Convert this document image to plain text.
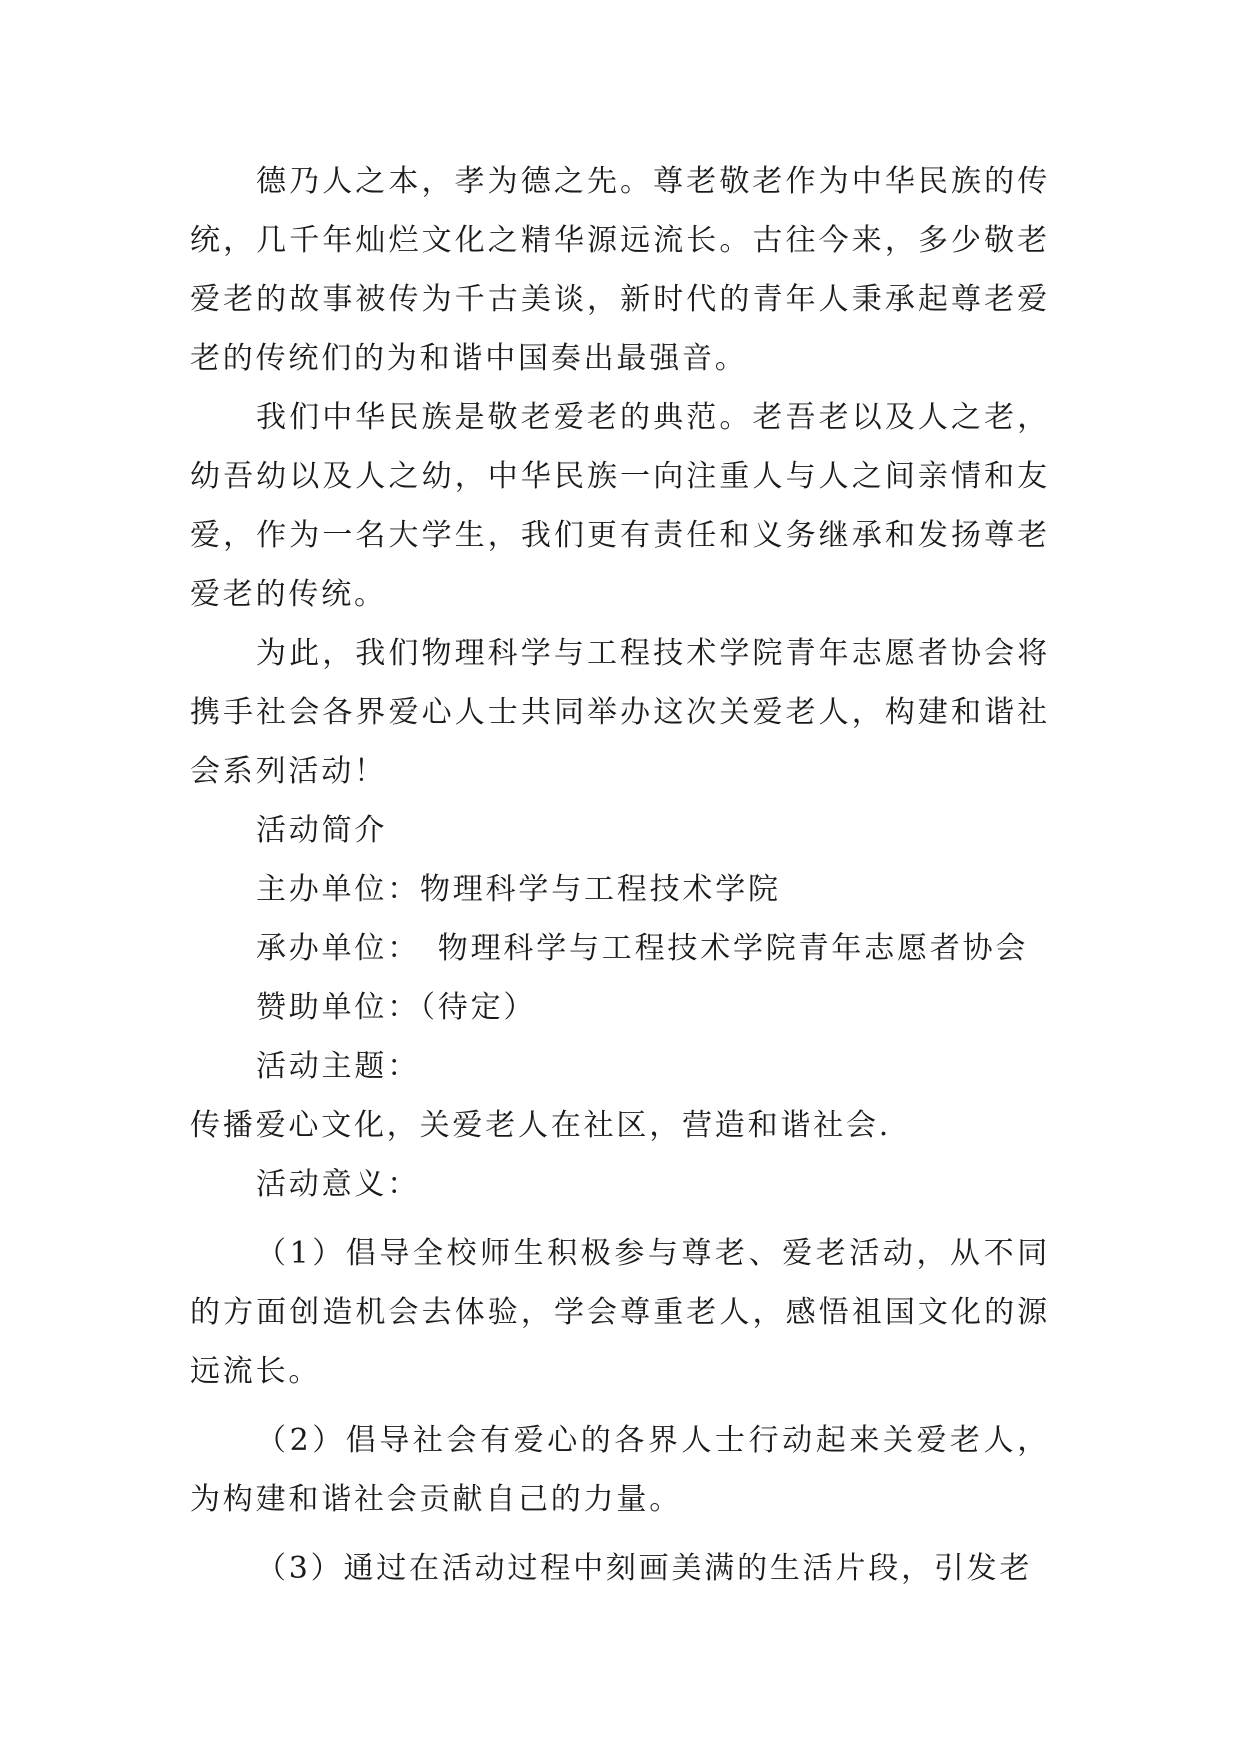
德乃人之本，孝为德之先。尊老敬老作为中华民族的传统，几千年灿烂文化之精华源远流长。古往今来，多少敬老爱老的故事被传为千古美谈，新时代的青年人秉承起尊老爱老的传统们的为和谐中国奏出最强音。

我们中华民族是敬老爱老的典范。老吾老以及人之老，幼吾幼以及人之幼，中华民族一向注重人与人之间亲情和友爱，作为一名大学生，我们更有责任和义务继承和发扬尊老爱老的传统。

为此，我们物理科学与工程技术学院青年志愿者协会将携手社会各界爱心人士共同举办这次关爱老人，构建和谐社会系列活动！

活动简介

主办单位：物理科学与工程技术学院

承办单位：　物理科学与工程技术学院青年志愿者协会

赞助单位：（待定）

活动主题：

传播爱心文化，关爱老人在社区，营造和谐社会.

活动意义：

（1）倡导全校师生积极参与尊老、爱老活动，从不同的方面创造机会去体验，学会尊重老人，感悟祖国文化的源远流长。

（2）倡导社会有爱心的各界人士行动起来关爱老人，为构建和谐社会贡献自己的力量。

（3）通过在活动过程中刻画美满的生活片段，引发老
